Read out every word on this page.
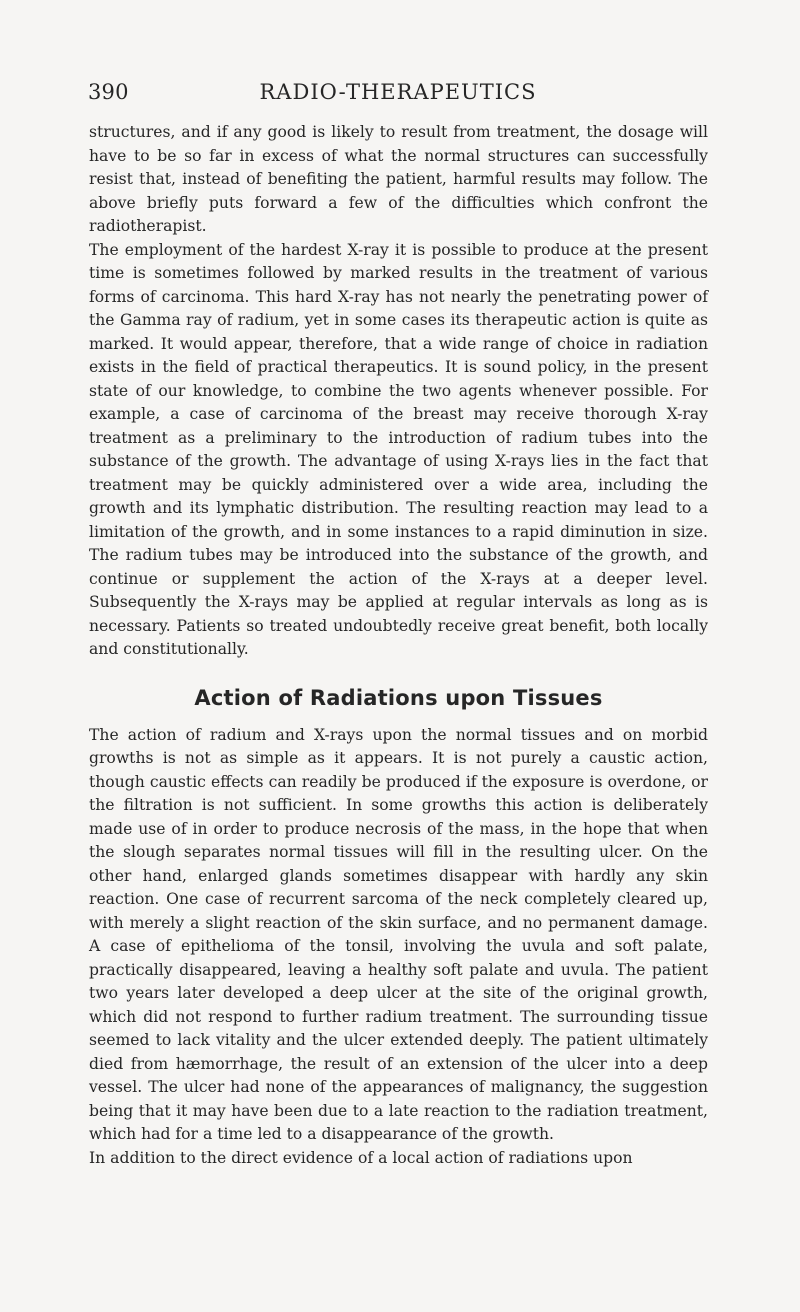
390	RADIO-THERAPEUTICS

structures, and if any good is likely to result from treatment, the dosage will have to be so far in excess of what the normal structures can successfully resist that, instead of benefiting the patient, harmful results may follow. The above briefly puts forward a few of the difficulties which confront the radiotherapist.

The employment of the hardest X-ray it is possible to produce at the present time is sometimes followed by marked results in the treatment of various forms of carcinoma. This hard X-ray has not nearly the penetrating power of the Gamma ray of radium, yet in some cases its therapeutic action is quite as marked. It would appear, therefore, that a wide range of choice in radiation exists in the field of practical therapeutics. It is sound policy, in the present state of our knowledge, to combine the two agents whenever possible. For example, a case of carcinoma of the breast may receive thorough X-ray treatment as a preliminary to the introduction of radium tubes into the substance of the growth. The advantage of using X-rays lies in the fact that treatment may be quickly administered over a wide area, including the growth and its lymphatic distribution. The resulting reaction may lead to a limitation of the growth, and in some instances to a rapid diminution in size. The radium tubes may be introduced into the substance of the growth, and continue or supplement the action of the X-rays at a deeper level. Subsequently the X-rays may be applied at regular intervals as long as is necessary. Patients so treated undoubtedly receive great benefit, both locally and constitutionally.

Action of Radiations upon Tissues

The action of radium and X-rays upon the normal tissues and on morbid growths is not as simple as it appears. It is not purely a caustic action, though caustic effects can readily be produced if the exposure is overdone, or the filtration is not sufficient. In some growths this action is deliberately made use of in order to produce necrosis of the mass, in the hope that when the slough separates normal tissues will fill in the resulting ulcer. On the other hand, enlarged glands sometimes disappear with hardly any skin reaction. One case of recurrent sarcoma of the neck completely cleared up, with merely a slight reaction of the skin surface, and no permanent damage. A case of epithelioma of the tonsil, involving the uvula and soft palate, practically disappeared, leaving a healthy soft palate and uvula. The patient two years later developed a deep ulcer at the site of the original growth, which did not respond to further radium treatment. The surrounding tissue seemed to lack vitality and the ulcer extended deeply. The patient ultimately died from hæmorrhage, the result of an extension of the ulcer into a deep vessel. The ulcer had none of the appearances of malignancy, the suggestion being that it may have been due to a late reaction to the radiation treatment, which had for a time led to a disappearance of the growth.

In addition to the direct evidence of a local action of radiations upon
